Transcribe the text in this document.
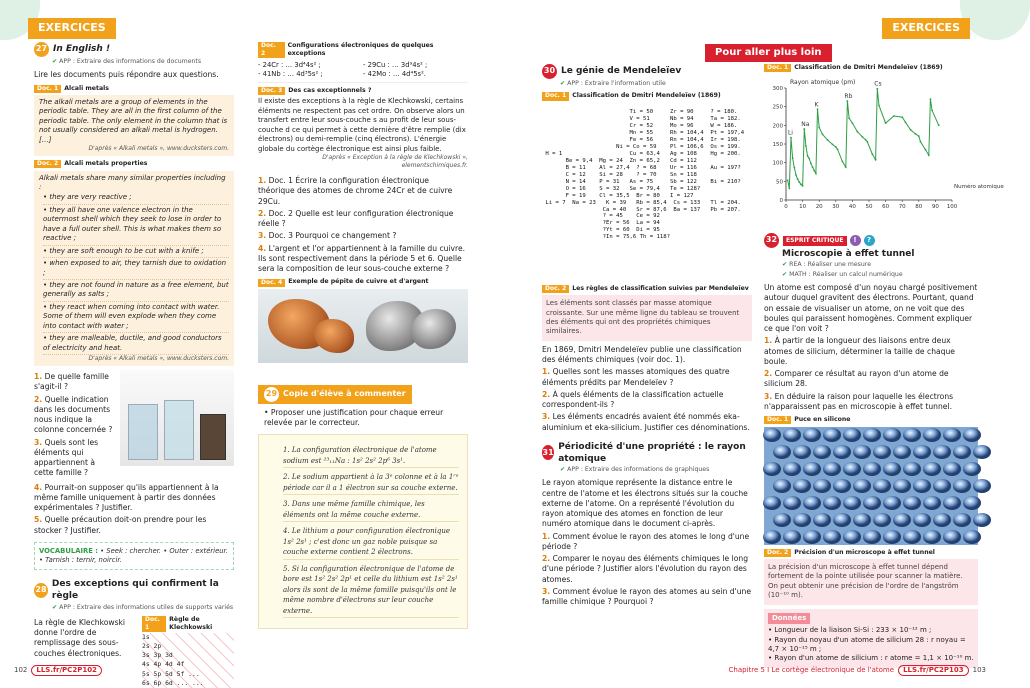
EXERCICES
27 In English !
✔ APP : Extraire des informations de documents
Lire les documents puis répondre aux questions.
Doc. 1 Alcali metals
The alkali metals are a group of elements in the periodic table. They are all in the first column of the periodic table. The only element in the column that is not usually considered an alkali metal is hydrogen. […]
D'après « Alkali metals », www.ducksters.com.
Doc. 2 Alcali metals properties
Alkali metals share many similar properties including :
• they are very reactive ;
• they all have one valence electron in the outermost shell which they seek to lose in order to have a full outer shell. This is what makes them so reactive ;
• they are soft enough to be cut with a knife ;
• when exposed to air, they tarnish due to oxidation ;
• they are not found in nature as a free element, but generally as salts ;
• they react when coming into contact with water. Some of them will even explode when they come into contact with water ;
• they are malleable, ductile, and good conductors of electricity and heat.
D'après « Alkali metals », www.ducksters.com.
1. De quelle famille s'agit-il ?
2. Quelle indication dans les documents nous indique la colonne concernée ?
3. Quels sont les éléments qui appartiennent à cette famille ?
4. Pourrait-on supposer qu'ils appartiennent à la même famille uniquement à partir des données expérimentales ? Justifier.
5. Quelle précaution doit-on prendre pour les stocker ? Justifier.
VOCABULAIRE : • Seek : chercher. • Outer : extérieur. • Tarnish : ternir, noircir.
28
Des exceptions qui confirment la règle
✔ APP : Extraire des informations utiles de supports variés
La règle de Klechkowski donne l'ordre de remplissage des sous-couches électroniques.
Doc. 1
Règle de Klechkowski
1s
2s 2p
3s 3p 3d
4s 4p 4d 4f
5s 5p 5d 5f ...
6s 6p 6d ... ...
Doc. 2
Configurations électroniques de quelques exceptions
- 24Cr : … 3d⁴4s² ;	- 29Cu : … 3d⁹4s² ;
- 41Nb : … 4d³5s² ;	- 42Mo : … 4d⁴5s².
Doc. 3 Des cas exceptionnels ?
Il existe des exceptions à la règle de Klechkowski, certains éléments ne respectent pas cet ordre. On observe alors un transfert entre leur sous-couche s au profit de leur sous-couche d ce qui permet à cette dernière d'être remplie (dix électrons) ou demi-remplie (cinq électrons). L'énergie globale du cortège électronique est ainsi plus faible.
D'après « Exception à la règle de Klechkowski », elementschimiques.fr.
1. Doc. 1 Écrire la configuration électronique théorique des atomes de chrome 24Cr et de cuivre 29Cu.
2. Doc. 2 Quelle est leur configuration électronique réelle ?
3. Doc. 3 Pourquoi ce changement ?
4. L'argent et l'or appartiennent à la famille du cuivre. Ils sont respectivement dans la période 5 et 6. Quelle sera la composition de leur sous-couche externe ?
Doc. 4 Exemple de pépite de cuivre et d'argent
29 Copie d'élève à commenter
• Proposer une justification pour chaque erreur relevée par le correcteur.

1. La configuration électronique de l'atome sodium est ²³₁₁Na : 1s² 2s² 2p⁶ 3s¹.

2. Le sodium appartient à la 3ᵉ colonne et à la 1ʳᵉ période car il a 1 électron sur sa couche externe.

3. Dans une même famille chimique, les éléments ont la même couche externe.

4. Le lithium a pour configuration électronique 1s² 2s¹ ; c'est donc un gaz noble puisque sa couche externe contient 2 électrons.

5. Si la configuration électronique de l'atome de bore est 1s² 2s² 2p¹ et celle du lithium est 1s² 2s¹ alors ils sont de la même famille puisqu'ils ont le même nombre d'électrons sur leur couche externe.

102	LLS.fr/PC2P102
EXERCICES
Pour aller plus loin
30 Le génie de Mendeleïev
✔ APP : Extraire l'information utile
Doc. 1 Classification de Dmitri Mendeleïev (1869)
Ti = 50     Zr = 90     ? = 180.
V = 51      Nb = 94     Ta = 182.
Cr = 52     Mo = 96     W = 186.
Mn = 55     Rh = 104,4  Pt = 197,4
Fe = 56     Rn = 104,4  Ir = 198.
Ni = Co = 59    Pl = 106,6  Os = 199.
H = 1                    Cu = 63,4   Ag = 108    Hg = 200.
Be = 9,4  Mg = 24  Zn = 65,2   Cd = 112
B = 11    Al = 27,4  ? = 68    Ur = 116    Au = 197?
C = 12    Si = 28    ? = 70    Sn = 118
N = 14    P = 31   As = 75     Sb = 122    Bi = 210?
O = 16    S = 32   Se = 79,4   Te = 128?
F = 19    Cl = 35,5  Br = 80   I = 127
Li = 7  Na = 23   K = 39   Rb = 85,4  Cs = 133   Tl = 204.
Ca = 40   Sr = 87,6  Ba = 137   Pb = 207.
? = 45    Ce = 92
?Er = 56  La = 94
?Yt = 60  Di = 95
?In = 75,6 Th = 118?
Doc. 2 Les règles de classification suivies par Mendeleïev
Les éléments sont classés par masse atomique croissante. Sur une même ligne du tableau se trouvent des éléments qui ont des propriétés chimiques similaires.
En 1869, Dmitri Mendeleïev publie une classification des éléments chimiques (voir doc. 1).
1. Quelles sont les masses atomiques des quatre éléments prédits par Mendeleïev ?
2. À quels éléments de la classification actuelle correspondent-ils ?
3. Les éléments encadrés avaient été nommés eka-aluminium et eka-silicium. Justifier ces dénominations.
31
Périodicité d'une propriété : le rayon atomique
✔ APP : Extraire des informations de graphiques
Le rayon atomique représente la distance entre le centre de l'atome et les électrons situés sur la couche externe de l'atome. On a représenté l'évolution du rayon atomique des atomes en fonction de leur numéro atomique dans le document ci-après.
1. Comment évolue le rayon des atomes le long d'une période ?
2. Comparer le noyau des éléments chimiques le long d'une période ? Justifier alors l'évolution du rayon des atomes.
3. Comment évolue le rayon des atomes au sein d'une famille chimique ? Pourquoi ?
Doc. 1 Classification de Dmitri Mendeleïev (1869)
0
50
100
150
200
250
300
0 10 20 30 40 50 60 70 80 90 100
Rayon atomique (pm)
Numéro atomique
Li
Na
K
Rb
Cs
32	ESPRIT CRITIQUE	!	?
Microscopie à effet tunnel
✔ REA : Réaliser une mesure
✔ MATH : Réaliser un calcul numérique
Un atome est composé d'un noyau chargé positivement autour duquel gravitent des électrons. Pourtant, quand on essaie de visualiser un atome, on ne voit que des boules qui paraissent homogènes. Comment expliquer ce que l'on voit ?
1. À partir de la longueur des liaisons entre deux atomes de silicium, déterminer la taille de chaque boule.
2. Comparer ce résultat au rayon d'un atome de silicium 28.
3. En déduire la raison pour laquelle les électrons n'apparaissent pas en microscopie à effet tunnel.
Doc. 1 Puce en silicone
Doc. 2 Précision d'un microscope à effet tunnel
La précision d'un microscope à effet tunnel dépend fortement de la pointe utilisée pour scanner la matière. On peut obtenir une précision de l'ordre de l'angström (10⁻¹⁰ m).
Données
• Longueur de la liaison Si-Si : 233 × 10⁻¹² m ;
• Rayon du noyau d'un atome de silicium 28 : r noyau = 4,7 × 10⁻¹⁵ m ;
• Rayon d'un atome de silicium : r atome = 1,1 × 10⁻¹⁰ m.
Chapitre 5 I Le cortège électronique de l'atome	LLS.fr/PC2P103	103
